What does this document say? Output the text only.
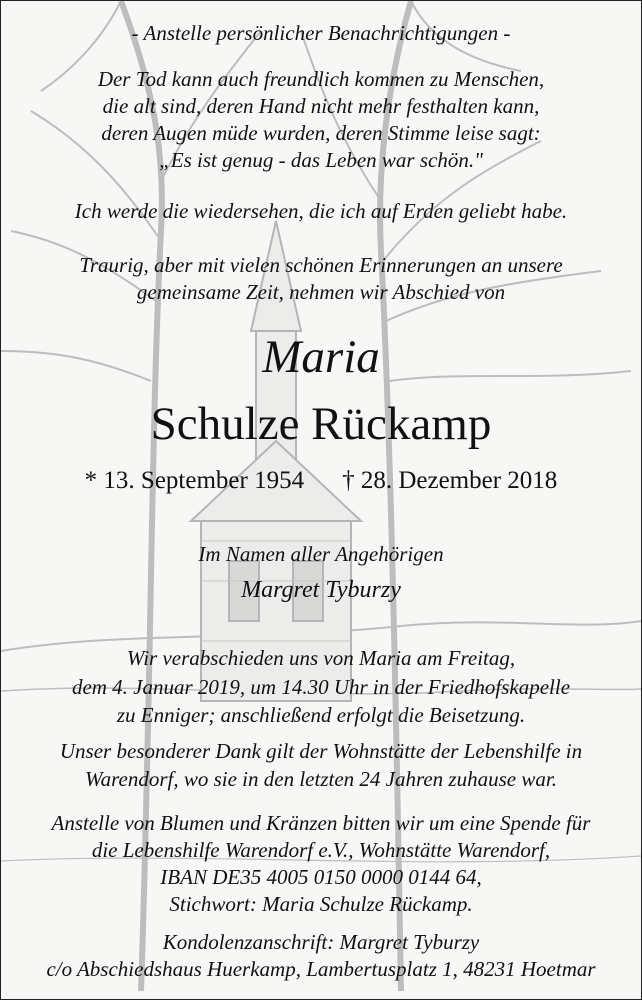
- Anstelle persönlicher Benachrichtigungen -
Der Tod kann auch freundlich kommen zu Menschen,
die alt sind, deren Hand nicht mehr festhalten kann,
deren Augen müde wurden, deren Stimme leise sagt:
„Es ist genug - das Leben war schön."
Ich werde die wiedersehen, die ich auf Erden geliebt habe.
Traurig, aber mit vielen schönen Erinnerungen an unsere
gemeinsame Zeit, nehmen wir Abschied von
Maria
Schulze Rückamp
* 13. September 1954 † 28. Dezember 2018
Im Namen aller Angehörigen
Margret Tyburzy
Wir verabschieden uns von Maria am Freitag,
dem 4. Januar 2019, um 14.30 Uhr in der Friedhofskapelle
zu Enniger; anschließend erfolgt die Beisetzung.
Unser besonderer Dank gilt der Wohnstätte der Lebenshilfe in
Warendorf, wo sie in den letzten 24 Jahren zuhause war.
Anstelle von Blumen und Kränzen bitten wir um eine Spende für
die Lebenshilfe Warendorf e.V., Wohnstätte Warendorf,
IBAN DE35 4005 0150 0000 0144 64,
Stichwort: Maria Schulze Rückamp.
Kondolenzanschrift: Margret Tyburzy
c/o Abschiedshaus Huerkamp, Lambertusplatz 1, 48231 Hoetmar
